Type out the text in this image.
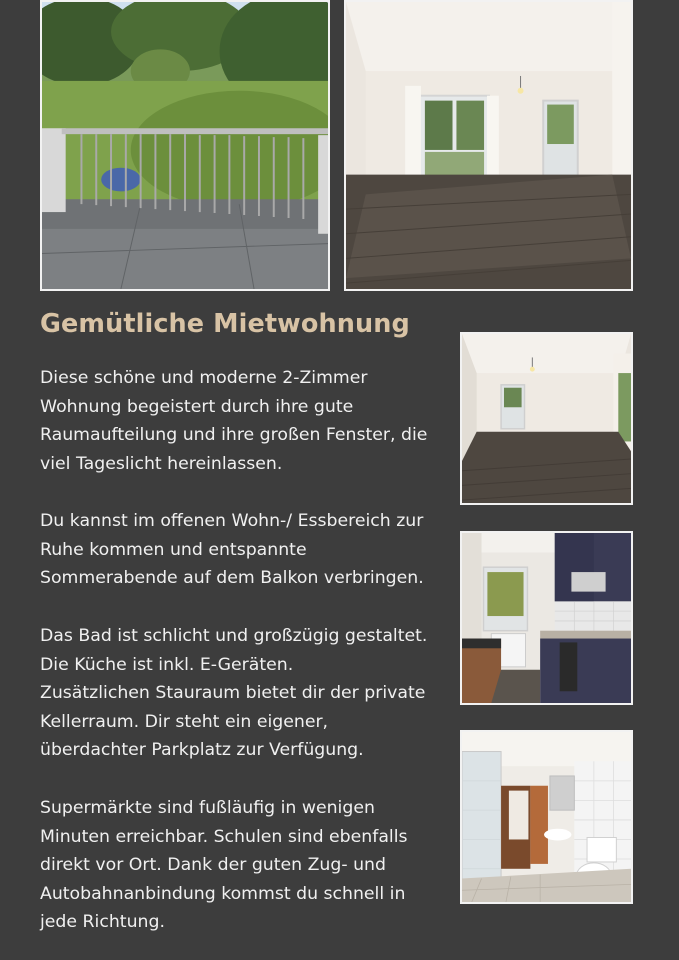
Gemütliche Mietwohnung

Diese schöne und moderne 2-Zimmer
Wohnung begeistert durch ihre gute
Raumaufteilung und ihre großen Fenster, die
viel Tageslicht hereinlassen.

Du kannst im offenen Wohn-/ Essbereich zur
Ruhe kommen und entspannte
Sommerabende auf dem Balkon verbringen.

Das Bad ist schlicht und großzügig gestaltet.
Die Küche ist inkl. E-Geräten.
Zusätzlichen Stauraum bietet dir der private
Kellerraum. Dir steht ein eigener,
überdachter Parkplatz zur Verfügung.

Supermärkte sind fußläufig in wenigen
Minuten erreichbar. Schulen sind ebenfalls
direkt vor Ort. Dank der guten Zug- und
Autobahnanbindung kommst du schnell in
jede Richtung.
